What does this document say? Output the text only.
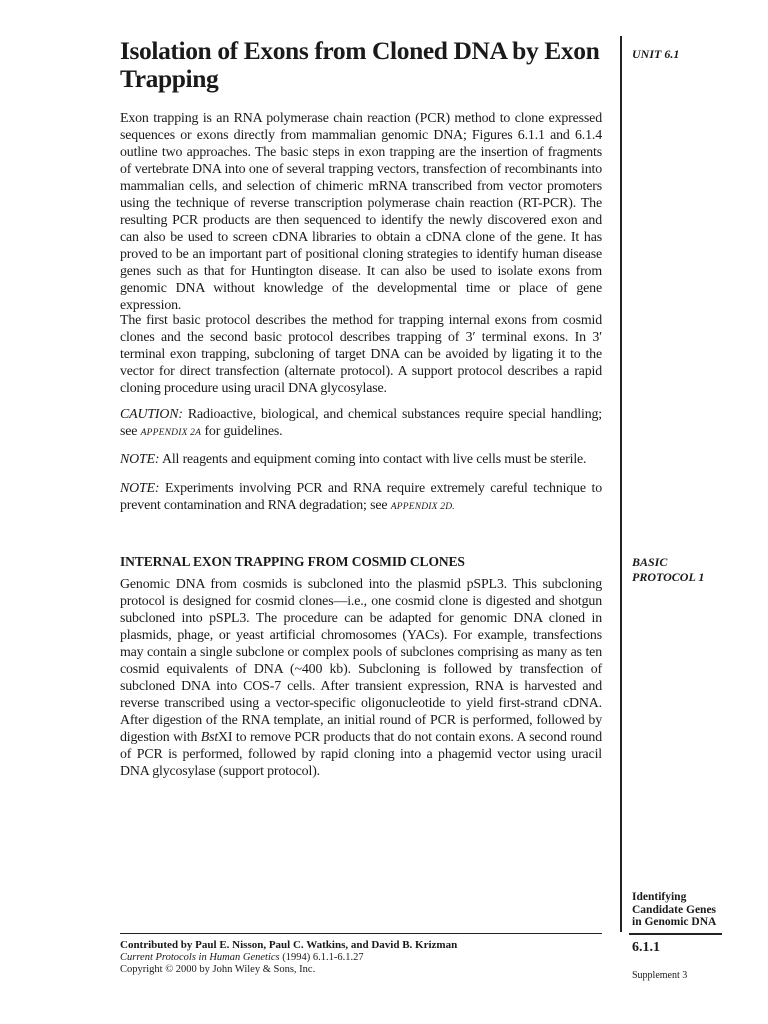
Isolation of Exons from Cloned DNA by Exon Trapping
UNIT 6.1

Exon trapping is an RNA polymerase chain reaction (PCR) method to clone expressed sequences or exons directly from mammalian genomic DNA; Figures 6.1.1 and 6.1.4 outline two approaches. The basic steps in exon trapping are the insertion of fragments of vertebrate DNA into one of several trapping vectors, transfection of recombinants into mammalian cells, and selection of chimeric mRNA transcribed from vector promoters using the technique of reverse transcription polymerase chain reaction (RT-PCR). The resulting PCR products are then sequenced to identify the newly discovered exon and can also be used to screen cDNA libraries to obtain a cDNA clone of the gene. It has proved to be an important part of positional cloning strategies to identify human disease genes such as that for Huntington disease. It can also be used to isolate exons from genomic DNA without knowledge of the developmental time or place of gene expression.

The first basic protocol describes the method for trapping internal exons from cosmid clones and the second basic protocol describes trapping of 3′ terminal exons. In 3′ terminal exon trapping, subcloning of target DNA can be avoided by ligating it to the vector for direct transfection (alternate protocol). A support protocol describes a rapid cloning procedure using uracil DNA glycosylase.

CAUTION: Radioactive, biological, and chemical substances require special handling; see APPENDIX 2A for guidelines.

NOTE: All reagents and equipment coming into contact with live cells must be sterile.

NOTE: Experiments involving PCR and RNA require extremely careful technique to prevent contamination and RNA degradation; see APPENDIX 2D.

INTERNAL EXON TRAPPING FROM COSMID CLONES	BASIC
PROTOCOL 1

Genomic DNA from cosmids is subcloned into the plasmid pSPL3. This subcloning protocol is designed for cosmid clones—i.e., one cosmid clone is digested and shotgun subcloned into pSPL3. The procedure can be adapted for genomic DNA cloned in plasmids, phage, or yeast artificial chromosomes (YACs). For example, transfections may contain a single subclone or complex pools of subclones comprising as many as ten cosmid equivalents of DNA (~400 kb). Subcloning is followed by transfection of subcloned DNA into COS-7 cells. After transient expression, RNA is harvested and reverse transcribed using a vector-specific oligonucleotide to yield first-strand cDNA. After digestion of the RNA template, an initial round of PCR is performed, followed by digestion with BstXI to remove PCR products that do not contain exons. A second round of PCR is performed, followed by rapid cloning into a phagemid vector using uracil DNA glycosylase (support protocol).

Identifying
Candidate Genes
in Genomic DNA
Contributed by Paul E. Nisson, Paul C. Watkins, and David B. Krizman
Current Protocols in Human Genetics (1994) 6.1.1-6.1.27
Copyright © 2000 by John Wiley & Sons, Inc.
6.1.1
Supplement 3
